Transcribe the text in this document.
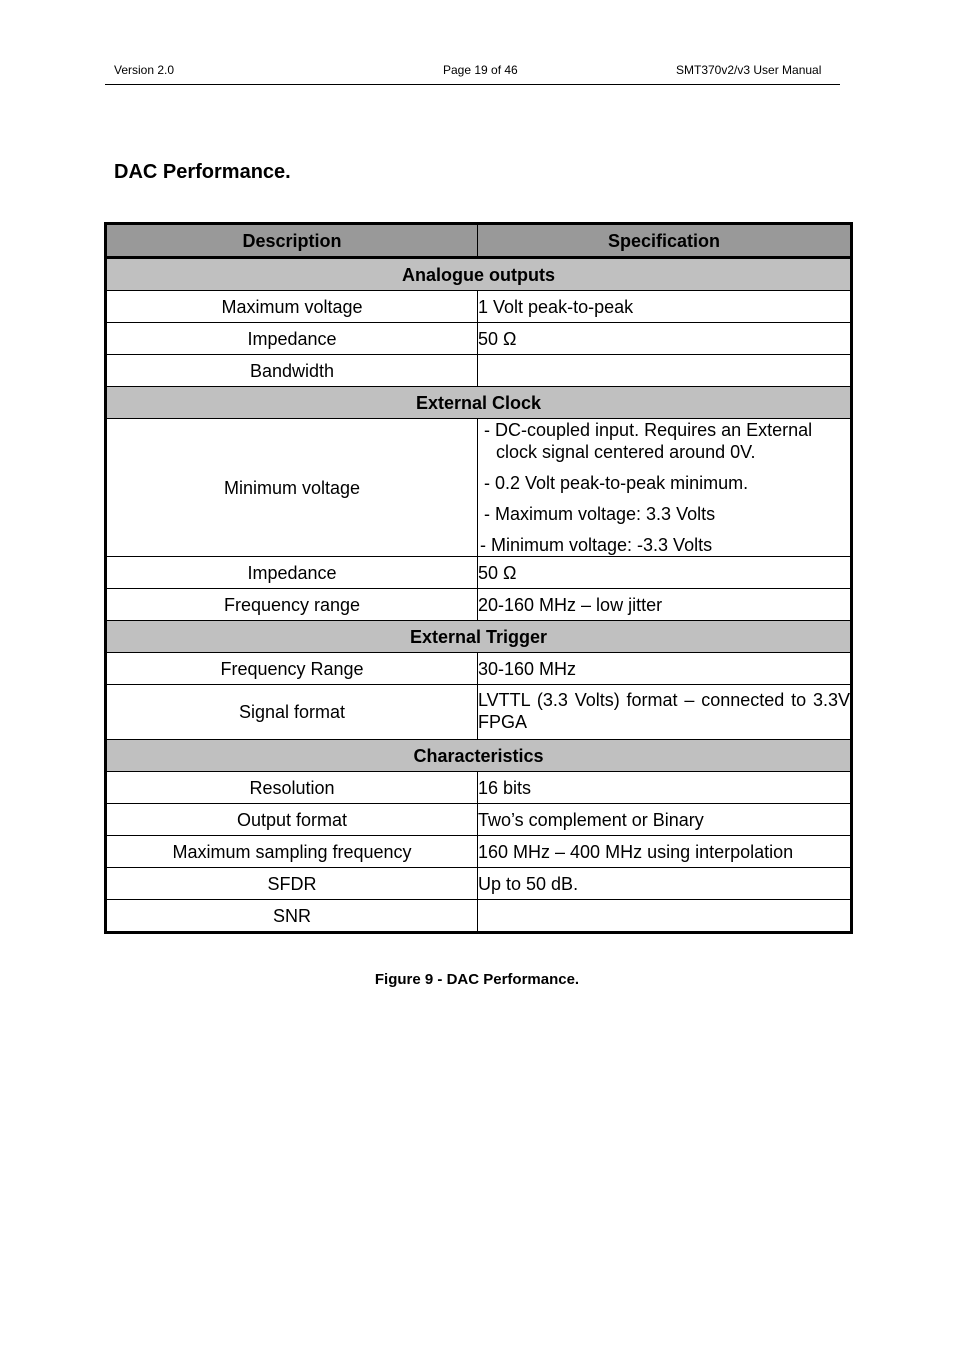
Version 2.0	Page 19 of 46	SMT370v2/v3 User Manual
DAC Performance.
Description	Specification
Analogue outputs	
Maximum voltage	1 Volt peak-to-peak
Impedance	50 Ω
Bandwidth	
External Clock	
Minimum voltage	- DC-coupled input. Requires an External clock signal centered around 0V.
- 0.2 Volt peak-to-peak minimum.
- Maximum voltage: 3.3 Volts
- Minimum voltage: -3.3 Volts

Impedance	50 Ω
Frequency range	20-160 MHz – low jitter
External Trigger	
Frequency Range	30-160 MHz
Signal format	LVTTL (3.3 Volts) format – connected to 3.3V FPGA
Characteristics	
Resolution	16 bits
Output format	Two’s complement or Binary
Maximum sampling frequency	160 MHz – 400 MHz using interpolation
SFDR	Up to 50 dB.
SNR	
Figure 9 - DAC Performance.
